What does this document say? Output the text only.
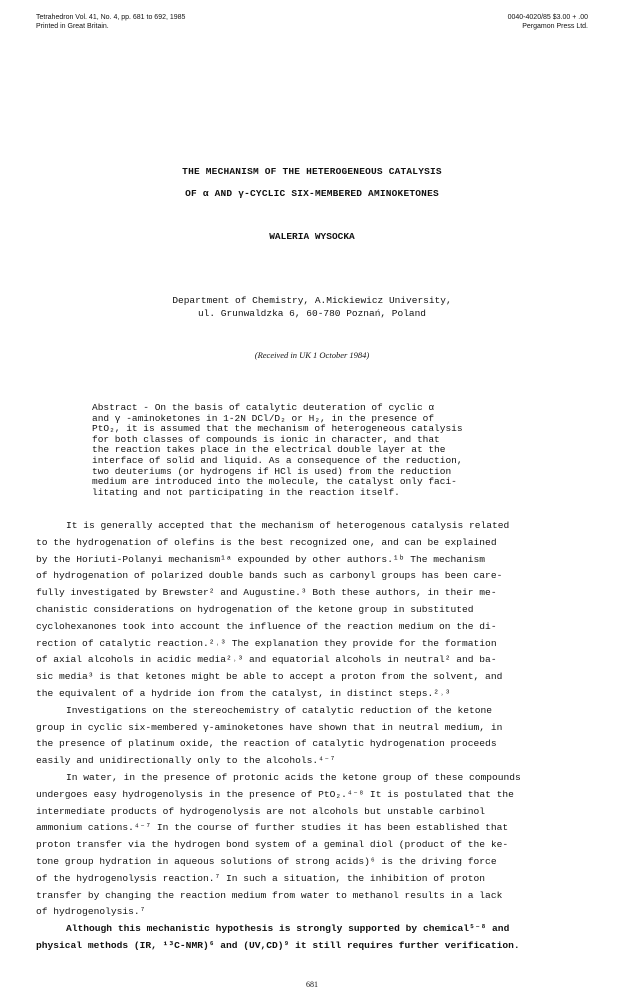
Tetrahedron Vol. 41, No. 4, pp. 681 to 692, 1985
Printed in Great Britain.
0040-4020/85 $3.00 + .00
Pergamon Press Ltd.
THE MECHANISM OF THE HETEROGENEOUS CATALYSIS
OF α AND γ-CYCLIC SIX-MEMBERED AMINOKETONES
WALERIA WYSOCKA
Department of Chemistry, A.Mickiewicz University,
ul. Grunwaldzka 6, 60-780 Poznań, Poland
(Received in UK 1 October 1984)
Abstract - On the basis of catalytic deuteration of cyclic α
and γ -aminoketones in 1-2N DCl/D₂ or H₂, in the presence of
PtO₂, it is assumed that the mechanism of heterogeneous catalysis
for both classes of compounds is ionic in character, and that
the reaction takes place in the electrical double layer at the
interface of solid and liquid. As a consequence of the reduction,
two deuteriums (or hydrogens if HCl is used) from the reduction
medium are introduced into the molecule, the catalyst only faci-
litating and not participating in the reaction itself.
It is generally accepted that the mechanism of heterogenous catalysis related
to the hydrogenation of olefins is the best recognized one, and can be explained
by the Horiuti-Polanyi mechanism¹ᵃ expounded by other authors.¹ᵇ The mechanism
of hydrogenation of polarized double bands such as carbonyl groups has been care-
fully investigated by Brewster² and Augustine.³ Both these authors, in their me-
chanistic considerations on hydrogenation of the ketone group in substituted
cyclohexanones took into account the influence of the reaction medium on the di-
rection of catalytic reaction.²˒³ The explanation they provide for the formation
of axial alcohols in acidic media²˒³ and equatorial alcohols in neutral² and ba-
sic media³ is that ketones might be able to accept a proton from the solvent, and
the equivalent of a hydride ion from the catalyst, in distinct steps.²˒³
Investigations on the stereochemistry of catalytic reduction of the ketone
group in cyclic six-membered γ-aminoketones have shown that in neutral medium, in
the presence of platinum oxide, the reaction of catalytic hydrogenation proceeds
easily and unidirectionally only to the alcohols.⁴⁻⁷
In water, in the presence of protonic acids the ketone group of these compounds
undergoes easy hydrogenolysis in the presence of PtO₂.⁴⁻⁸ It is postulated that the
intermediate products of hydrogenolysis are not alcohols but unstable carbinol
ammonium cations.⁴⁻⁷ In the course of further studies it has been established that
proton transfer via the hydrogen bond system of a geminal diol (product of the ke-
tone group hydration in aqueous solutions of strong acids)⁶ is the driving force
of the hydrogenolysis reaction.⁷ In such a situation, the inhibition of proton
transfer by changing the reaction medium from water to methanol results in a lack
of hydrogenolysis.⁷
Although this mechanistic hypothesis is strongly supported by chemical⁵⁻⁸ and
physical methods (IR, ¹³C-NMR)⁶ and (UV,CD)⁹ it still requires further verification.
681
